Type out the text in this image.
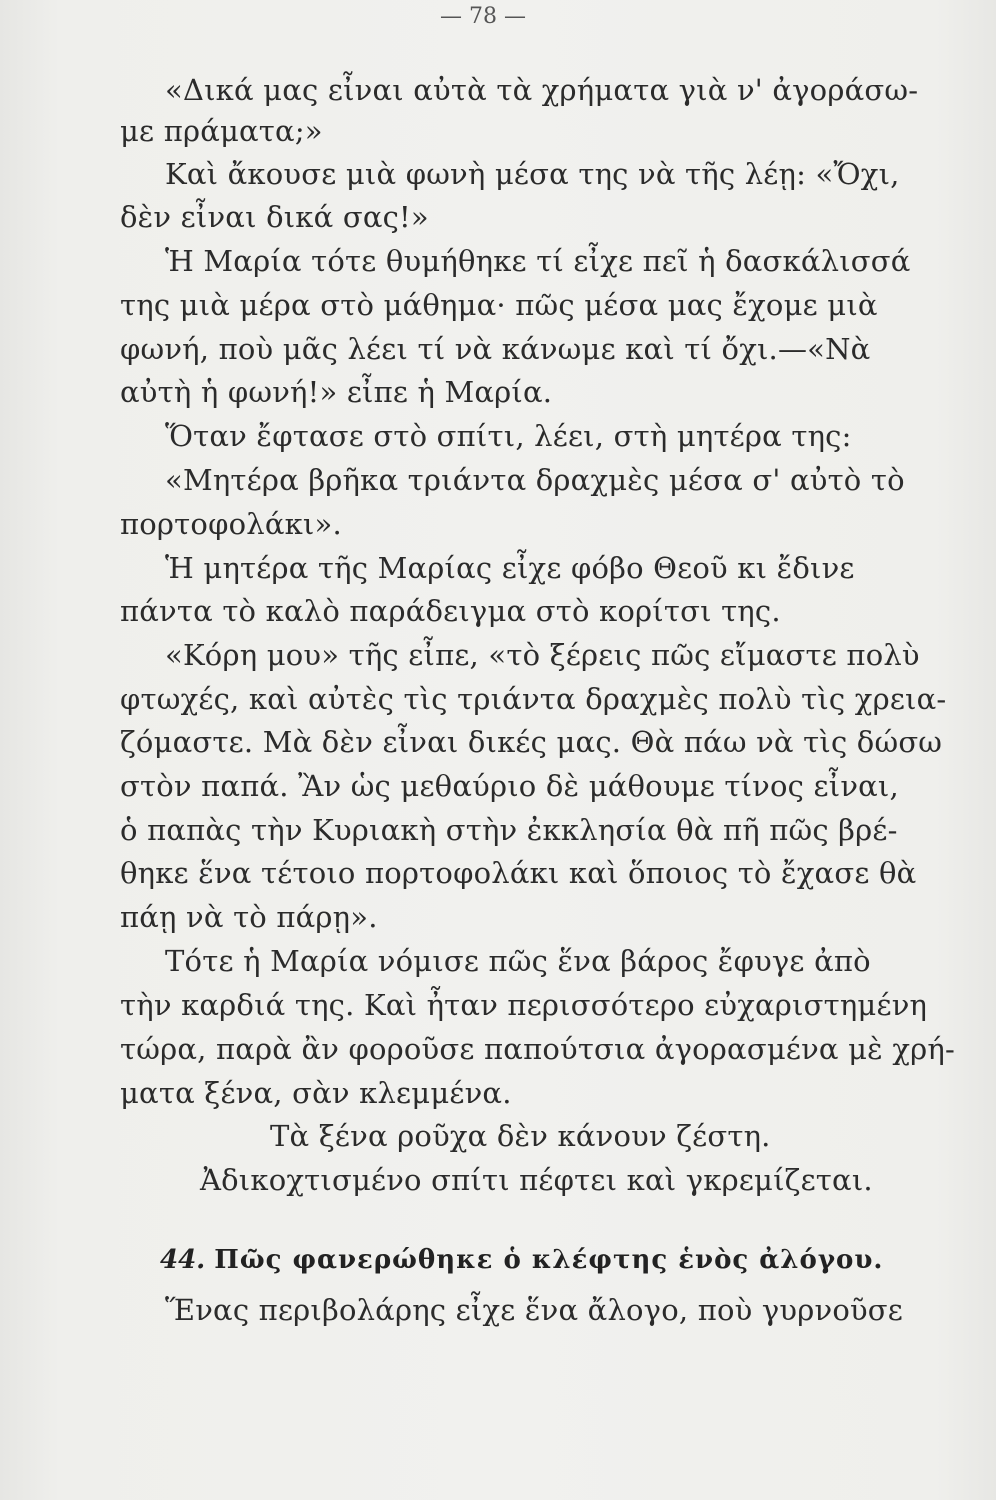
— 78 —
«Δικά μας εἶναι αὐτὰ τὰ χρήματα γιὰ ν' ἀγοράσω-
με πράματα;»
Καὶ ἄκουσε μιὰ φωνὴ μέσα της νὰ τῆς λέῃ: «Ὄχι,
δὲν εἶναι δικά σας!»
Ἡ Μαρία τότε θυμήθηκε τί εἶχε πεῖ ἡ δασκάλισσά
της μιὰ μέρα στὸ μάθημα· πῶς μέσα μας ἔχομε μιὰ
φωνή, ποὺ μᾶς λέει τί νὰ κάνωμε καὶ τί ὄχι.—«Νὰ
αὐτὴ ἡ φωνή!» εἶπε ἡ Μαρία.
Ὅταν ἔφτασε στὸ σπίτι, λέει, στὴ μητέρα της:
«Μητέρα βρῆκα τριάντα δραχμὲς μέσα σ' αὐτὸ τὸ
πορτοφολάκι».
Ἡ μητέρα τῆς Μαρίας εἶχε φόβο Θεοῦ κι ἔδινε
πάντα τὸ καλὸ παράδειγμα στὸ κορίτσι της.
«Κόρη μου» τῆς εἶπε, «τὸ ξέρεις πῶς εἴμαστε πολὺ
φτωχές, καὶ αὐτὲς τὶς τριάντα δραχμὲς πολὺ τὶς χρεια-
ζόμαστε. Μὰ δὲν εἶναι δικές μας. Θὰ πάω νὰ τὶς δώσω
στὸν παπά. Ἂν ὡς μεθαύριο δὲ μάθουμε τίνος εἶναι,
ὁ παπὰς τὴν Κυριακὴ στὴν ἐκκλησία θὰ πῆ πῶς βρέ-
θηκε ἕνα τέτοιο πορτοφολάκι καὶ ὅποιος τὸ ἔχασε θὰ
πάῃ νὰ τὸ πάρῃ».
Τότε ἡ Μαρία νόμισε πῶς ἕνα βάρος ἔφυγε ἀπὸ
τὴν καρδιά της. Καὶ ἦταν περισσότερο εὐχαριστημένη
τώρα, παρὰ ἂν φοροῦσε παπούτσια ἀγορασμένα μὲ χρή-
ματα ξένα, σὰν κλεμμένα.
Τὰ ξένα ροῦχα δὲν κάνουν ζέστη.
Ἀδικοχτισμένο σπίτι πέφτει καὶ γκρεμίζεται.
44. Πῶς φανερώθηκε ὁ κλέφτης ἑνὸς ἀλόγου.
Ἕνας περιβολάρης εἶχε ἕνα ἄλογο, ποὺ γυρνοῦσε
